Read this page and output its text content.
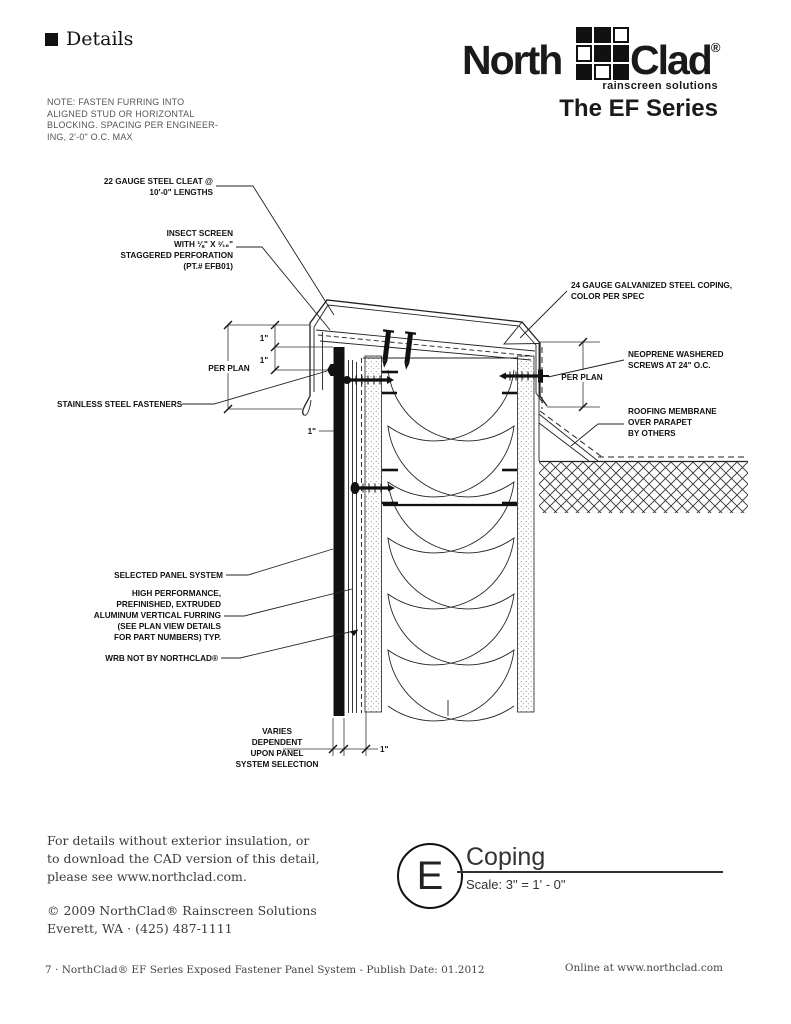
Details	North Clad®
rainscreen solutions
The EF Series
NOTE: FASTEN FURRING INTO
ALIGNED STUD OR HORIZONTAL
BLOCKING. SPACING PER ENGINEER-
ING, 2'-0" O.C. MAX
1"
1"
PER PLAN
1"
PER PLAN
1"
22 GAUGE STEEL CLEAT @
10'-0" LENGTHS
INSECT SCREEN
WITH ⅛" X ³⁄₁₆"
STAGGERED PERFORATION
(PT.# EFB01)
STAINLESS STEEL FASTENERS
24 GAUGE GALVANIZED STEEL COPING,
COLOR PER SPEC
NEOPRENE WASHERED
SCREWS AT 24" O.C.
ROOFING MEMBRANE
OVER PARAPET
BY OTHERS
SELECTED PANEL SYSTEM
HIGH PERFORMANCE,
PREFINISHED, EXTRUDED
ALUMINUM VERTICAL FURRING
(SEE PLAN VIEW DETAILS
FOR PART NUMBERS) TYP.
WRB NOT BY NORTHCLAD®
VARIES
DEPENDENT
UPON PANEL
SYSTEM SELECTION
E Coping
Scale: 3" = 1' - 0"
For details without exterior insulation, or
to download the CAD version of this detail,
please see www.northclad.com.
© 2009 NorthClad® Rainscreen Solutions
Everett, WA · (425) 487-1111
7 · NorthClad® EF Series Exposed Fastener Panel System - Publish Date: 01.2012	Online at www.northclad.com
